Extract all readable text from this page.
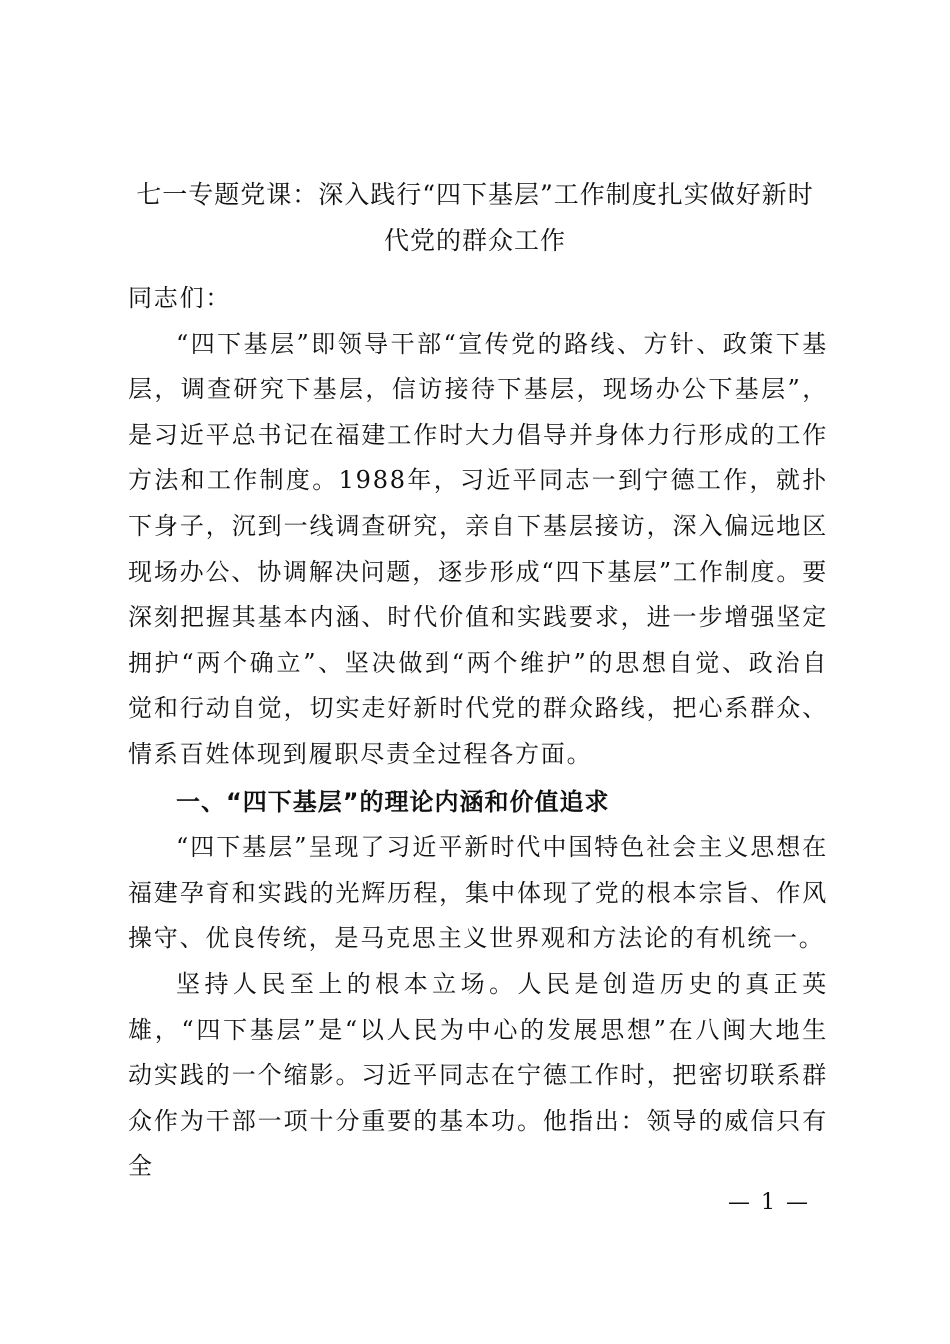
七一专题党课：深入践行“四下基层”工作制度扎实做好新时
代党的群众工作

同志们：

“四下基层”即领导干部“宣传党的路线、方针、政策下基层，调查研究下基层，信访接待下基层，现场办公下基层”，是习近平总书记在福建工作时大力倡导并身体力行形成的工作方法和工作制度。1988年，习近平同志一到宁德工作，就扑下身子，沉到一线调查研究，亲自下基层接访，深入偏远地区现场办公、协调解决问题，逐步形成“四下基层”工作制度。要深刻把握其基本内涵、时代价值和实践要求，进一步增强坚定拥护“两个确立”、坚决做到“两个维护”的思想自觉、政治自觉和行动自觉，切实走好新时代党的群众路线，把心系群众、情系百姓体现到履职尽责全过程各方面。

一、“四下基层”的理论内涵和价值追求

“四下基层”呈现了习近平新时代中国特色社会主义思想在福建孕育和实践的光辉历程，集中体现了党的根本宗旨、作风操守、优良传统，是马克思主义世界观和方法论的有机统一。

坚持人民至上的根本立场。人民是创造历史的真正英雄，“四下基层”是“以人民为中心的发展思想”在八闽大地生动实践的一个缩影。习近平同志在宁德工作时，把密切联系群众作为干部一项十分重要的基本功。他指出：领导的威信只有全

— 1 —
